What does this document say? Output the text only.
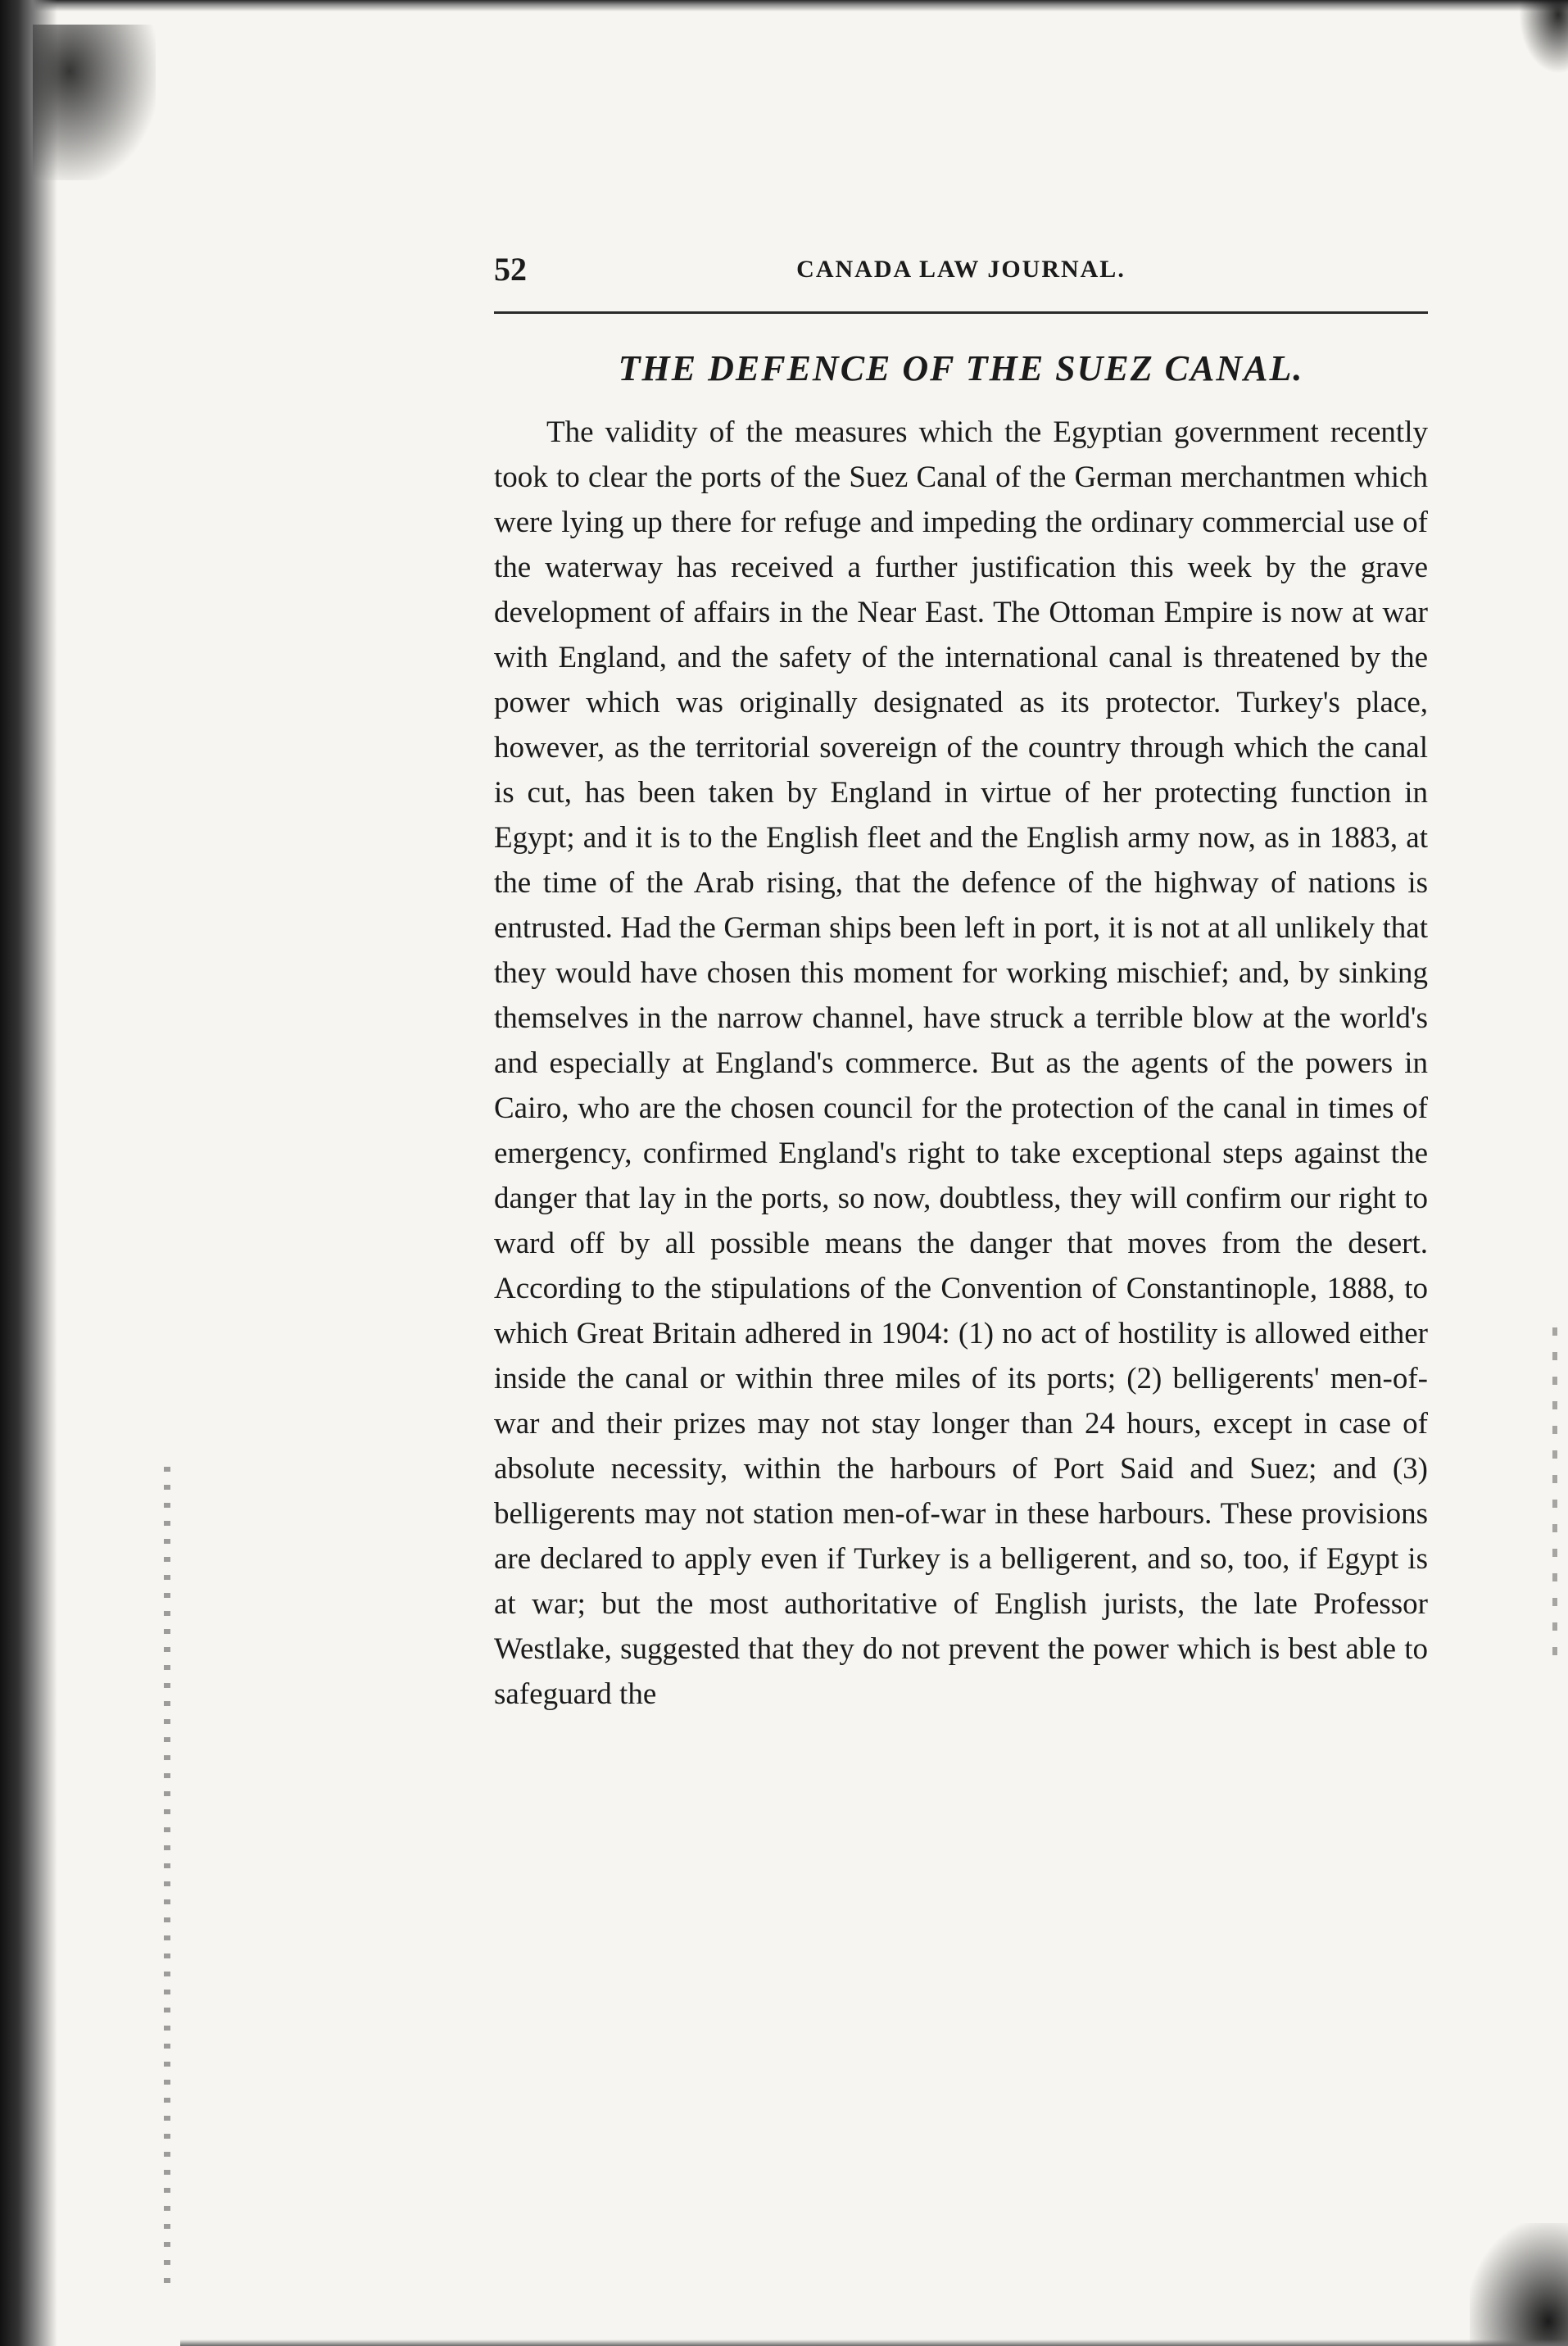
CANADA LAW JOURNAL.
52
THE DEFENCE OF THE SUEZ CANAL.

The validity of the measures which the Egyptian government recently took to clear the ports of the Suez Canal of the German merchantmen which were lying up there for refuge and impeding the ordinary commercial use of the waterway has received a further justification this week by the grave development of affairs in the Near East. The Ottoman Empire is now at war with England, and the safety of the international canal is threatened by the power which was originally designated as its protector. Turkey's place, however, as the territorial sovereign of the country through which the canal is cut, has been taken by England in virtue of her protecting function in Egypt; and it is to the English fleet and the English army now, as in 1883, at the time of the Arab rising, that the defence of the highway of nations is entrusted. Had the German ships been left in port, it is not at all unlikely that they would have chosen this moment for working mischief; and, by sinking themselves in the narrow channel, have struck a terrible blow at the world's and especially at England's commerce. But as the agents of the powers in Cairo, who are the chosen council for the protection of the canal in times of emergency, confirmed England's right to take exceptional steps against the danger that lay in the ports, so now, doubtless, they will confirm our right to ward off by all possible means the danger that moves from the desert. According to the stipulations of the Convention of Constantinople, 1888, to which Great Britain adhered in 1904: (1) no act of hostility is allowed either inside the canal or within three miles of its ports; (2) belligerents' men-of-war and their prizes may not stay longer than 24 hours, except in case of absolute necessity, within the harbours of Port Said and Suez; and (3) belligerents may not station men-of-war in these harbours. These provisions are declared to apply even if Turkey is a belligerent, and so, too, if Egypt is at war; but the most authoritative of English jurists, the late Professor Westlake, suggested that they do not prevent the power which is best able to safeguard the
